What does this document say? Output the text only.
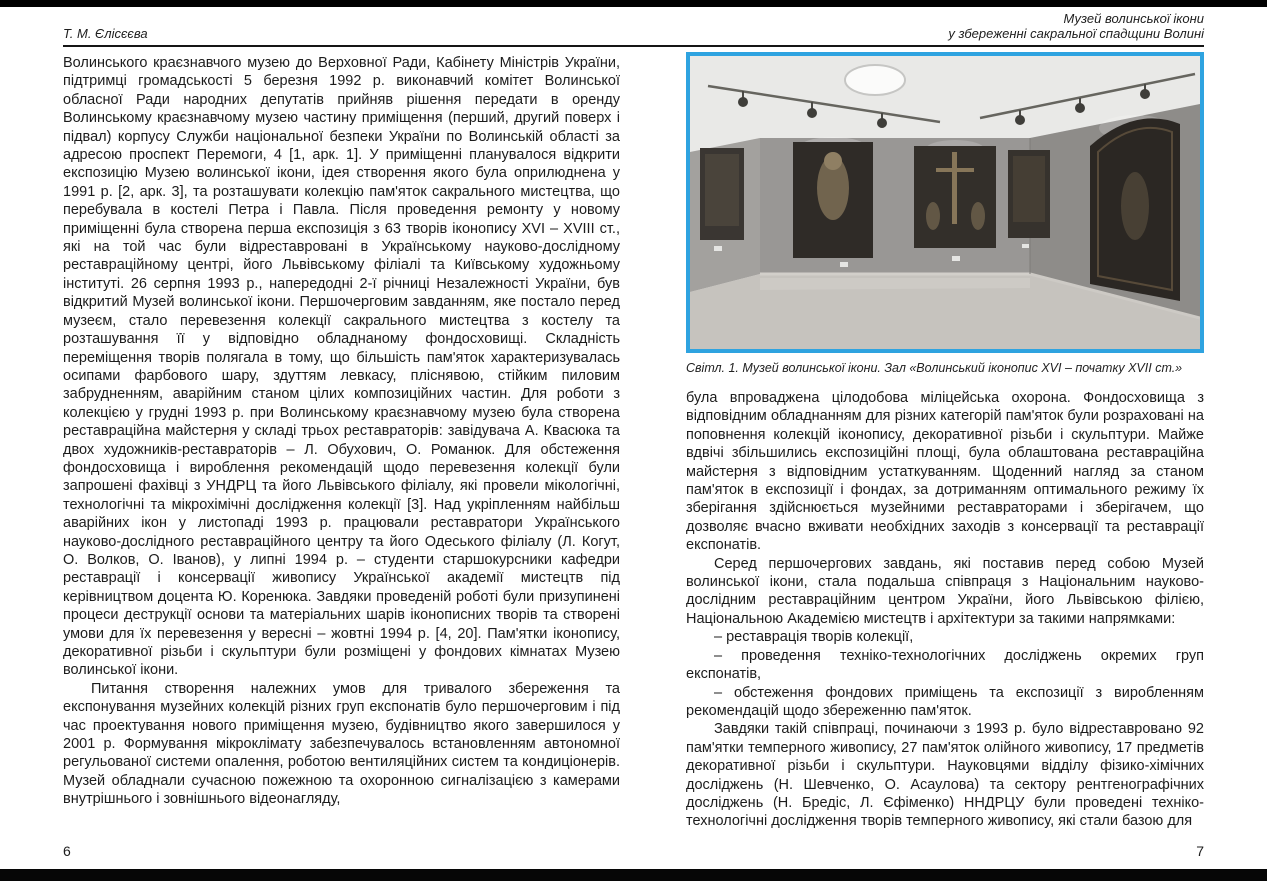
Т. М. Єлісєєва
Музей волинської ікони
у збереженні сакральної спадщини Волині

Волинського краєзнавчого музею до Верховної Ради, Кабінету Міністрів України, підтримці громадськості 5 березня 1992 р. виконавчий комітет Волинської обласної Ради народних депутатів прийняв рішення передати в оренду Волинському краєзнавчому музею частину приміщення (перший, другий поверх і підвал) корпусу Служби національної безпеки України по Волинській області за адресою проспект Перемоги, 4 [1, арк. 1]. У приміщенні планувалося відкрити експозицію Музею волинської ікони, ідея створення якого була оприлюднена у 1991 р. [2, арк. 3], та розташувати колекцію пам'яток сакрального мистецтва, що перебувала в костелі Петра і Павла. Після проведення ремонту у новому приміщенні була створена перша експозиція з 63 творів іконопису XVI – XVIII ст., які на той час були відреставровані в Українському науково-дослідному реставраційному центрі, його Львівському філіалі та Київському художньому інституті. 26 серпня 1993 р., напередодні 2-ї річниці Незалежності України, був відкритий Музей волинської ікони. Першочерговим завданням, яке постало перед музеєм, стало перевезення колекції сакрального мистецтва з костелу та розташування її у відповідно обладнаному фондосховищі. Складність переміщення творів полягала в тому, що більшість пам'яток характеризувалась осипами фарбового шару, здуттям левкасу, пліснявою, стійким пиловим забрудненням, аварійним станом цілих композиційних частин. Для роботи з колекцією у грудні 1993 р. при Волинському краєзнавчому музею була створена реставраційна майстерня у складі трьох реставраторів: завідувача А. Квасюка та двох художників-реставраторів – Л. Обухович, О. Романюк. Для обстеження фондосховища і вироблення рекомендацій щодо перевезення колекції були запрошені фахівці з УНДРЦ та його Львівського філіалу, які провели мікологічні, технологічні та мікрохімічні дослідження колекції [3]. Над укріпленням найбільш аварійних ікон у листопаді 1993 р. працювали реставратори Українського науково-дослідного реставраційного центру та його Одеського філіалу (Л. Когут, О. Волков, О. Іванов), у липні 1994 р. – студенти старшокурсники кафедри реставрації і консервації живопису Української академії мистецтв під керівництвом доцента Ю. Коренюка. Завдяки проведеній роботі були призупинені процеси деструкції основи та матеріальних шарів іконописних творів та створені умови для їх перевезення у вересні – жовтні 1994 р. [4, 20]. Пам'ятки іконопису, декоративної різьби і скульптури були розміщені у фондових кімнатах Музею волинської ікони.

Питання створення належних умов для тривалого збереження та експонування музейних колекцій різних груп експонатів було першочерговим і під час проектування нового приміщення музею, будівництво якого завершилося у 2001 р. Формування мікроклімату забезпечувалось встановленням автономної регульованої системи опалення, роботою вентиляційних систем та кондиціонерів. Музей обладнали сучасною пожежною та охоронною сигналізацією з камерами внутрішнього і зовнішнього відеонагляду,

Світл. 1. Музей волинської ікони. Зал «Волинський іконопис XVI – початку XVII ст.»

була впроваджена цілодобова міліцейська охорона. Фондосховища з відповідним обладнанням для різних категорій пам'яток були розраховані на поповнення колекцій іконопису, декоративної різьби і скульптури. Майже вдвічі збільшились експозиційні площі, була облаштована реставраційна майстерня з відповідним устаткуванням. Щоденний нагляд за станом пам'яток в експозиції і фондах, за дотриманням оптимального режиму їх зберігання здійснюється музейними реставраторами і зберігачем, що дозволяє вчасно вживати необхідних заходів з консервації та реставрації експонатів.

Серед першочергових завдань, які поставив перед собою Музей волинської ікони, стала подальша співпраця з Національним науково-дослідним реставраційним центром України, його Львівською філією, Національною Академією мистецтв і архітектури за такими напрямками:

– реставрація творів колекції,

– проведення техніко-технологічних досліджень окремих груп експонатів,

– обстеження фондових приміщень та експозиції з виробленням рекомендацій щодо збереженню пам'яток.

Завдяки такій співпраці, починаючи з 1993 р. було відреставровано 92 пам'ятки темперного живопису, 27 пам'яток олійного живопису, 17 предметів декоративної різьби і скульптури. Науковцями відділу фізико-хімічних досліджень (Н. Шевченко, О. Асаулова) та сектору рентгенографічних досліджень (Н. Бредіс, Л. Єфіменко) ННДРЦУ були проведені техніко-технологічні дослідження творів темперного живопису, які стали базою для

6	7
